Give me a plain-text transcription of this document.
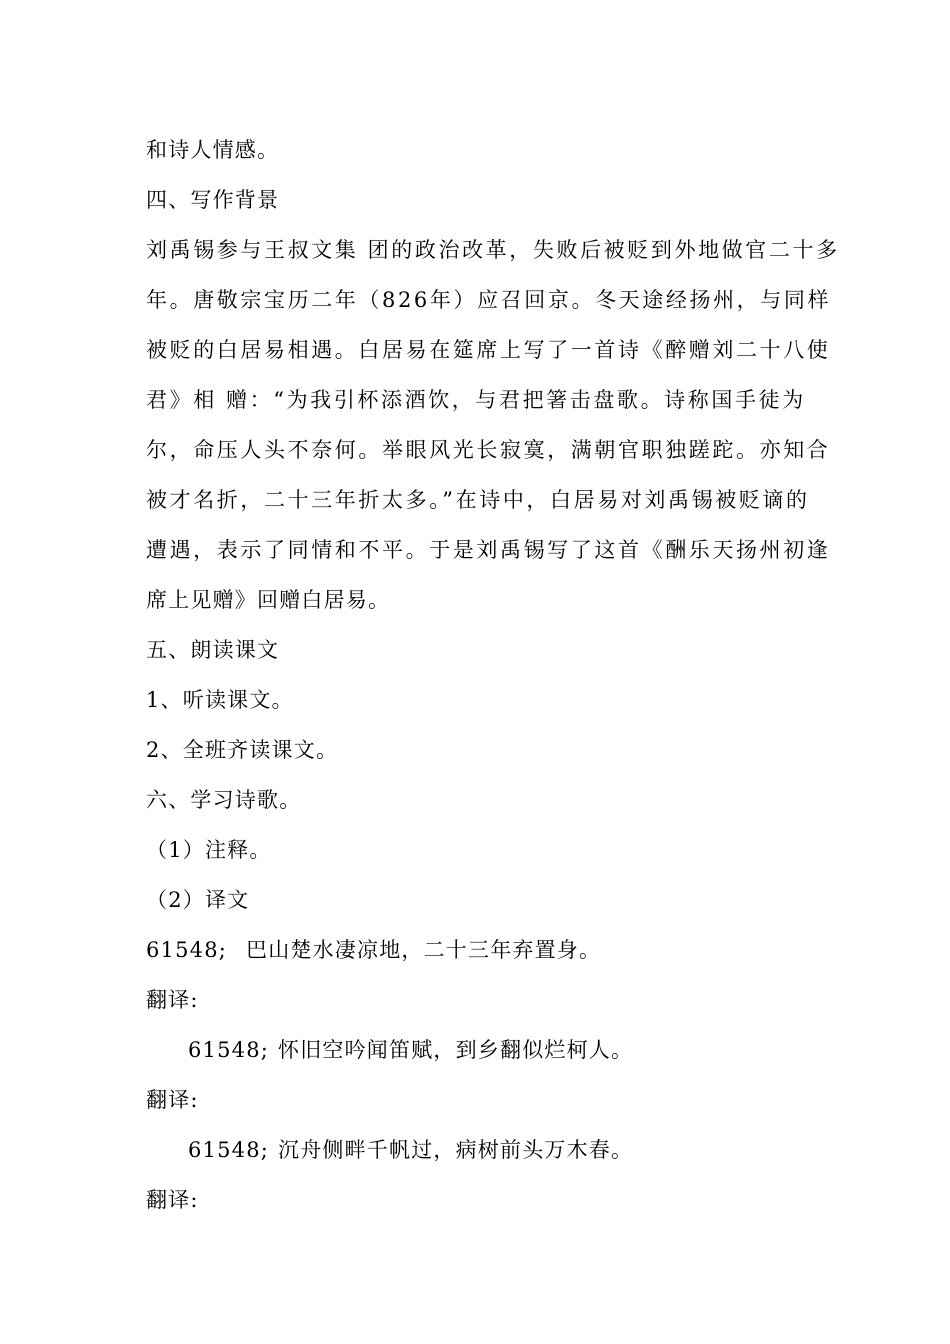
和诗人情感。
四、写作背景
刘禹锡参与王叔文集 团的政治改革，失败后被贬到外地做官二十多
年。唐敬宗宝历二年（826年）应召回京。冬天途经扬州，与同样
被贬的白居易相遇。白居易在筵席上写了一首诗《醉赠刘二十八使
君》相 赠：“为我引杯添酒饮，与君把箸击盘歌。诗称国手徒为
尔，命压人头不奈何。举眼风光长寂寞，满朝官职独蹉跎。亦知合
被才名折，二十三年折太多。”在诗中，白居易对刘禹锡被贬谪的
遭遇，表示了同情和不平。于是刘禹锡写了这首《酬乐天扬州初逢
席上见赠》回赠白居易。
五、朗读课文
1、听读课文。
2、全班齐读课文。
六、学习诗歌。
（1）注释。
（2）译文
61548; 巴山楚水凄凉地，二十三年弃置身。
翻译:
61548; 怀旧空吟闻笛赋，到乡翻似烂柯人。
翻译:
61548; 沉舟侧畔千帆过，病树前头万木春。
翻译:
